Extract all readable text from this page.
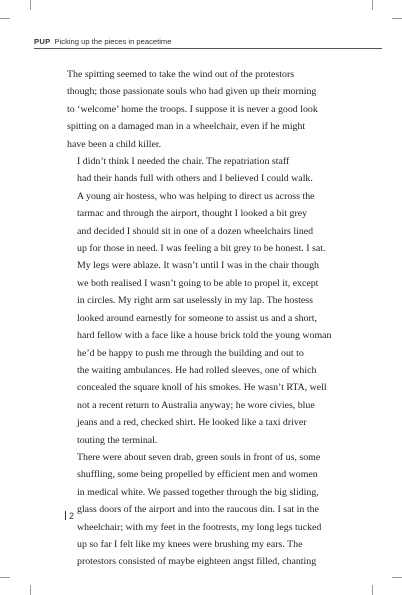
PUP Picking up the pieces in peacetime

The spitting seemed to take the wind out of the protestors
though; those passionate souls who had given up their morning
to ‘welcome’ home the troops. I suppose it is never a good look
spitting on a damaged man in a wheelchair, even if he might
have been a child killer.

I didn’t think I needed the chair. The repatriation staff
had their hands full with others and I believed I could walk.
A young air hostess, who was helping to direct us across the
tarmac and through the airport, thought I looked a bit grey
and decided I should sit in one of a dozen wheelchairs lined
up for those in need. I was feeling a bit grey to be honest. I sat.
My legs were ablaze. It wasn’t until I was in the chair though
we both realised I wasn’t going to be able to propel it, except
in circles. My right arm sat uselessly in my lap. The hostess
looked around earnestly for someone to assist us and a short,
hard fellow with a face like a house brick told the young woman
he’d be happy to push me through the building and out to
the waiting ambulances. He had rolled sleeves, one of which
concealed the square knoll of his smokes. He wasn’t RTA, well
not a recent return to Australia anyway; he wore civies, blue
jeans and a red, checked shirt. He looked like a taxi driver
touting the terminal.

There were about seven drab, green souls in front of us, some
shuffling, some being propelled by efficient men and women
in medical white. We passed together through the big sliding,
glass doors of the airport and into the raucous din. I sat in the
wheelchair; with my feet in the footrests, my long legs tucked
up so far I felt like my knees were brushing my ears. The
protestors consisted of maybe eighteen angst filled, chanting

2
